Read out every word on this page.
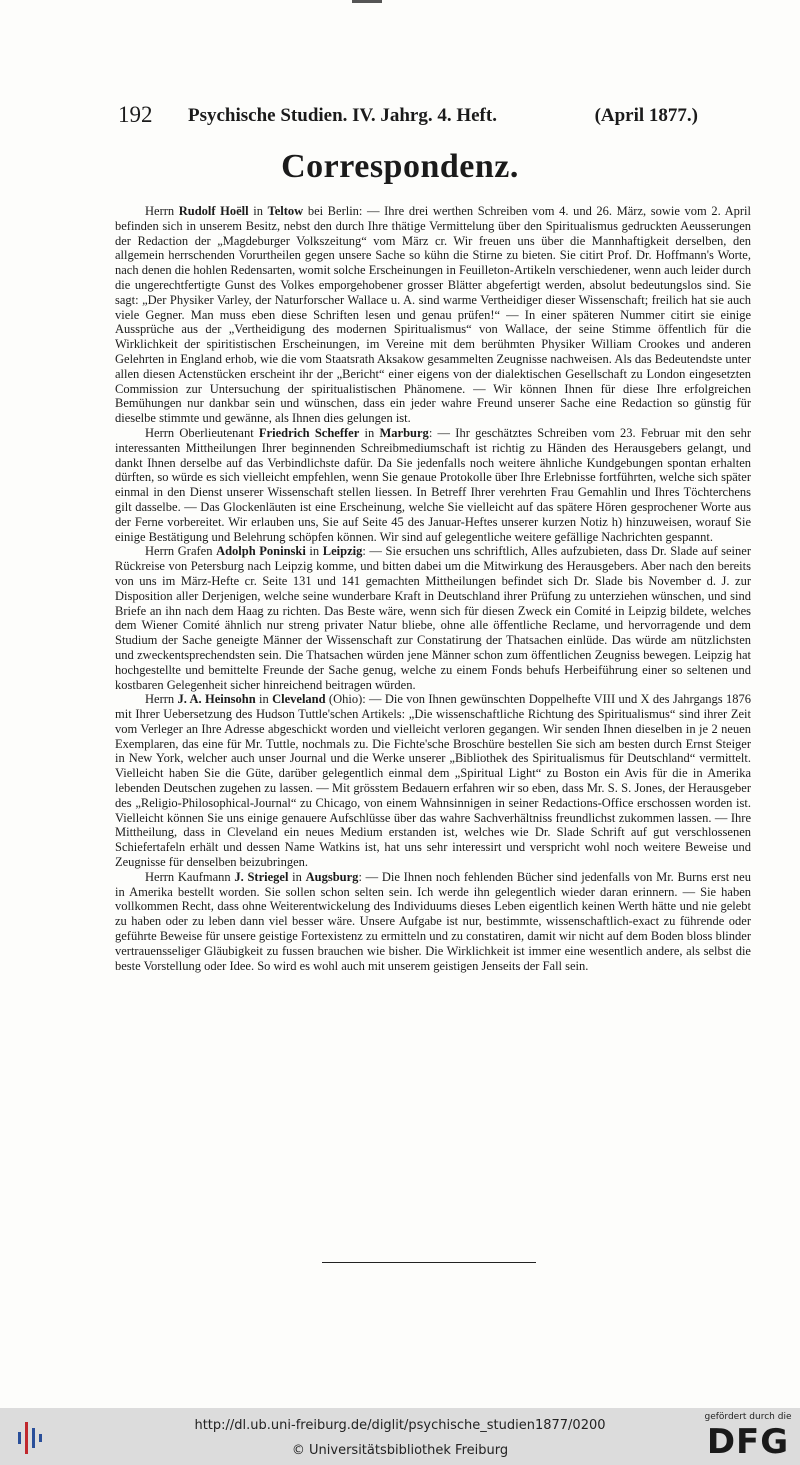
192 Psychische Studien. IV. Jahrg. 4. Heft.	(April 1877.)
Correspondenz.

Herrn Rudolf Hoëll in Teltow bei Berlin: — Ihre drei werthen Schreiben vom 4. und 26. März, sowie vom 2. April befinden sich in unserem Besitz, nebst den durch Ihre thätige Vermittelung über den Spiritualismus gedruckten Aeusserungen der Redaction der „Magdeburger Volkszeitung“ vom März cr. Wir freuen uns über die Mannhaftigkeit derselben, den allgemein herrschenden Vorurtheilen gegen unsere Sache so kühn die Stirne zu bieten. Sie citirt Prof. Dr. Hoffmann's Worte, nach denen die hohlen Redensarten, womit solche Erscheinungen in Feuilleton-Artikeln verschiedener, wenn auch leider durch die ungerechtfertigte Gunst des Volkes emporgehobener grosser Blätter abgefertigt werden, absolut bedeutungslos sind. Sie sagt: „Der Physiker Varley, der Naturforscher Wallace u. A. sind warme Vertheidiger dieser Wissenschaft; freilich hat sie auch viele Gegner. Man muss eben diese Schriften lesen und genau prüfen!“ — In einer späteren Nummer citirt sie einige Aussprüche aus der „Vertheidigung des modernen Spiritualismus“ von Wallace, der seine Stimme öffentlich für die Wirklichkeit der spiritistischen Erscheinungen, im Vereine mit dem berühmten Physiker William Crookes und anderen Gelehrten in England erhob, wie die vom Staatsrath Aksakow gesammelten Zeugnisse nachweisen. Als das Bedeutendste unter allen diesen Actenstücken erscheint ihr der „Bericht“ einer eigens von der dialektischen Gesellschaft zu London eingesetzten Commission zur Untersuchung der spiritualistischen Phänomene. — Wir können Ihnen für diese Ihre erfolgreichen Bemühungen nur dankbar sein und wünschen, dass ein jeder wahre Freund unserer Sache eine Redaction so günstig für dieselbe stimmte und gewänne, als Ihnen dies gelungen ist.

Herrn Oberlieutenant Friedrich Scheffer in Marburg: — Ihr geschätztes Schreiben vom 23. Februar mit den sehr interessanten Mittheilungen Ihrer beginnenden Schreibmediumschaft ist richtig zu Händen des Herausgebers gelangt, und dankt Ihnen derselbe auf das Verbindlichste dafür. Da Sie jedenfalls noch weitere ähnliche Kundgebungen spontan erhalten dürften, so würde es sich vielleicht empfehlen, wenn Sie genaue Protokolle über Ihre Erlebnisse fortführten, welche sich später einmal in den Dienst unserer Wissenschaft stellen liessen. In Betreff Ihrer verehrten Frau Gemahlin und Ihres Töchterchens gilt dasselbe. — Das Glockenläuten ist eine Erscheinung, welche Sie vielleicht auf das spätere Hören gesprochener Worte aus der Ferne vorbereitet. Wir erlauben uns, Sie auf Seite 45 des Januar-Heftes unserer kurzen Notiz h) hinzuweisen, worauf Sie einige Bestätigung und Belehrung schöpfen können. Wir sind auf gelegentliche weitere gefällige Nachrichten gespannt.

Herrn Grafen Adolph Poninski in Leipzig: — Sie ersuchen uns schriftlich, Alles aufzubieten, dass Dr. Slade auf seiner Rückreise von Petersburg nach Leipzig komme, und bitten dabei um die Mitwirkung des Herausgebers. Aber nach den bereits von uns im März-Hefte cr. Seite 131 und 141 gemachten Mittheilungen befindet sich Dr. Slade bis November d. J. zur Disposition aller Derjenigen, welche seine wunderbare Kraft in Deutschland ihrer Prüfung zu unterziehen wünschen, und sind Briefe an ihn nach dem Haag zu richten. Das Beste wäre, wenn sich für diesen Zweck ein Comité in Leipzig bildete, welches dem Wiener Comité ähnlich nur streng privater Natur bliebe, ohne alle öffentliche Reclame, und hervorragende und dem Studium der Sache geneigte Männer der Wissenschaft zur Constatirung der Thatsachen einlüde. Das würde am nützlichsten und zweckentsprechendsten sein. Die Thatsachen würden jene Männer schon zum öffentlichen Zeugniss bewegen. Leipzig hat hochgestellte und bemittelte Freunde der Sache genug, welche zu einem Fonds behufs Herbeiführung einer so seltenen und kostbaren Gelegenheit sicher hinreichend beitragen würden.

Herrn J. A. Heinsohn in Cleveland (Ohio): — Die von Ihnen gewünschten Doppelhefte VIII und X des Jahrgangs 1876 mit Ihrer Uebersetzung des Hudson Tuttle'schen Artikels: „Die wissenschaftliche Richtung des Spiritualismus“ sind ihrer Zeit vom Verleger an Ihre Adresse abgeschickt worden und vielleicht verloren gegangen. Wir senden Ihnen dieselben in je 2 neuen Exemplaren, das eine für Mr. Tuttle, nochmals zu. Die Fichte'sche Broschüre bestellen Sie sich am besten durch Ernst Steiger in New York, welcher auch unser Journal und die Werke unserer „Bibliothek des Spiritualismus für Deutschland“ vermittelt. Vielleicht haben Sie die Güte, darüber gelegentlich einmal dem „Spiritual Light“ zu Boston ein Avis für die in Amerika lebenden Deutschen zugehen zu lassen. — Mit grösstem Bedauern erfahren wir so eben, dass Mr. S. S. Jones, der Herausgeber des „Religio-Philosophical-Journal“ zu Chicago, von einem Wahnsinnigen in seiner Redactions-Office erschossen worden ist. Vielleicht können Sie uns einige genauere Aufschlüsse über das wahre Sachverhältniss freundlichst zukommen lassen. — Ihre Mittheilung, dass in Cleveland ein neues Medium erstanden ist, welches wie Dr. Slade Schrift auf gut verschlossenen Schiefertafeln erhält und dessen Name Watkins ist, hat uns sehr interessirt und verspricht wohl noch weitere Beweise und Zeugnisse für denselben beizubringen.

Herrn Kaufmann J. Striegel in Augsburg: — Die Ihnen noch fehlenden Bücher sind jedenfalls von Mr. Burns erst neu in Amerika bestellt worden. Sie sollen schon selten sein. Ich werde ihn gelegentlich wieder daran erinnern. — Sie haben vollkommen Recht, dass ohne Weiterentwickelung des Individuums dieses Leben eigentlich keinen Werth hätte und nie gelebt zu haben oder zu leben dann viel besser wäre. Unsere Aufgabe ist nur, bestimmte, wissenschaftlich-exact zu führende oder geführte Beweise für unsere geistige Fortexistenz zu ermitteln und zu constatiren, damit wir nicht auf dem Boden bloss blinder vertrauensseliger Gläubigkeit zu fussen brauchen wie bisher. Die Wirklichkeit ist immer eine wesentlich andere, als selbst die beste Vorstellung oder Idee. So wird es wohl auch mit unserem geistigen Jenseits der Fall sein.

http://dl.ub.uni-freiburg.de/diglit/psychische_studien1877/0200
© Universitätsbibliothek Freiburg
gefördert durch die
DFG
